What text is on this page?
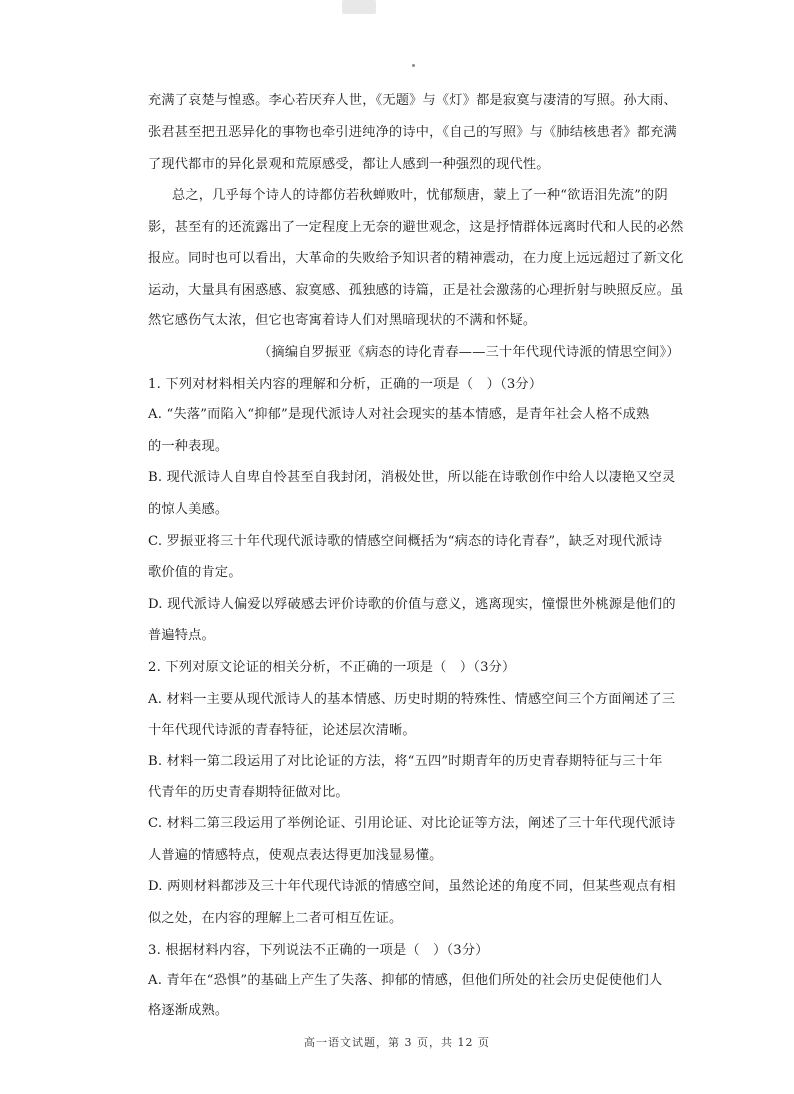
充满了哀楚与惶惑。李心若厌弃人世，《无题》与《灯》都是寂寞与凄清的写照。孙大雨、
张君甚至把丑恶异化的事物也牵引进纯净的诗中，《自己的写照》与《肺结核患者》都充满
了现代都市的异化景观和荒原感受，都让人感到一种强烈的现代性。
总之，几乎每个诗人的诗都仿若秋蝉败叶，忧郁颓唐，蒙上了一种“欲语泪先流”的阴
影，甚至有的还流露出了一定程度上无奈的避世观念，这是抒情群体远离时代和人民的必然
报应。同时也可以看出，大革命的失败给予知识者的精神震动，在力度上远远超过了新文化
运动，大量具有困惑感、寂寞感、孤独感的诗篇，正是社会激荡的心理折射与映照反应。虽
然它感伤气太浓，但它也寄寓着诗人们对黑暗现状的不满和怀疑。
（摘编自罗振亚《病态的诗化青春——三十年代现代诗派的情思空间》）
1. 下列对材料相关内容的理解和分析，正确的一项是（　）（3分）
A. “失落”而陷入“抑郁”是现代派诗人对社会现实的基本情感，是青年社会人格不成熟
的一种表现。
B. 现代派诗人自卑自怜甚至自我封闭，消极处世，所以能在诗歌创作中给人以凄艳又空灵
的惊人美感。
C. 罗振亚将三十年代现代派诗歌的情感空间概括为“病态的诗化青春”，缺乏对现代派诗
歌价值的肯定。
D. 现代派诗人偏爱以殍破感去评价诗歌的价值与意义，逃离现实，憧憬世外桃源是他们的
普遍特点。
2. 下列对原文论证的相关分析，不正确的一项是（　）（3分）
A. 材料一主要从现代派诗人的基本情感、历史时期的特殊性、情感空间三个方面阐述了三
十年代现代诗派的青春特征，论述层次清晰。
B. 材料一第二段运用了对比论证的方法，将“五四”时期青年的历史青春期特征与三十年
代青年的历史青春期特征做对比。
C. 材料二第三段运用了举例论证、引用论证、对比论证等方法，阐述了三十年代现代派诗
人普遍的情感特点，使观点表达得更加浅显易懂。
D. 两则材料都涉及三十年代现代诗派的情感空间，虽然论述的角度不同，但某些观点有相
似之处，在内容的理解上二者可相互佐证。
3. 根据材料内容，下列说法不正确的一项是（　）（3分）
A. 青年在“恐惧”的基础上产生了失落、抑郁的情感，但他们所处的社会历史促使他们人
格逐渐成熟。
高一语文试题，第 3 页，共 12 页
